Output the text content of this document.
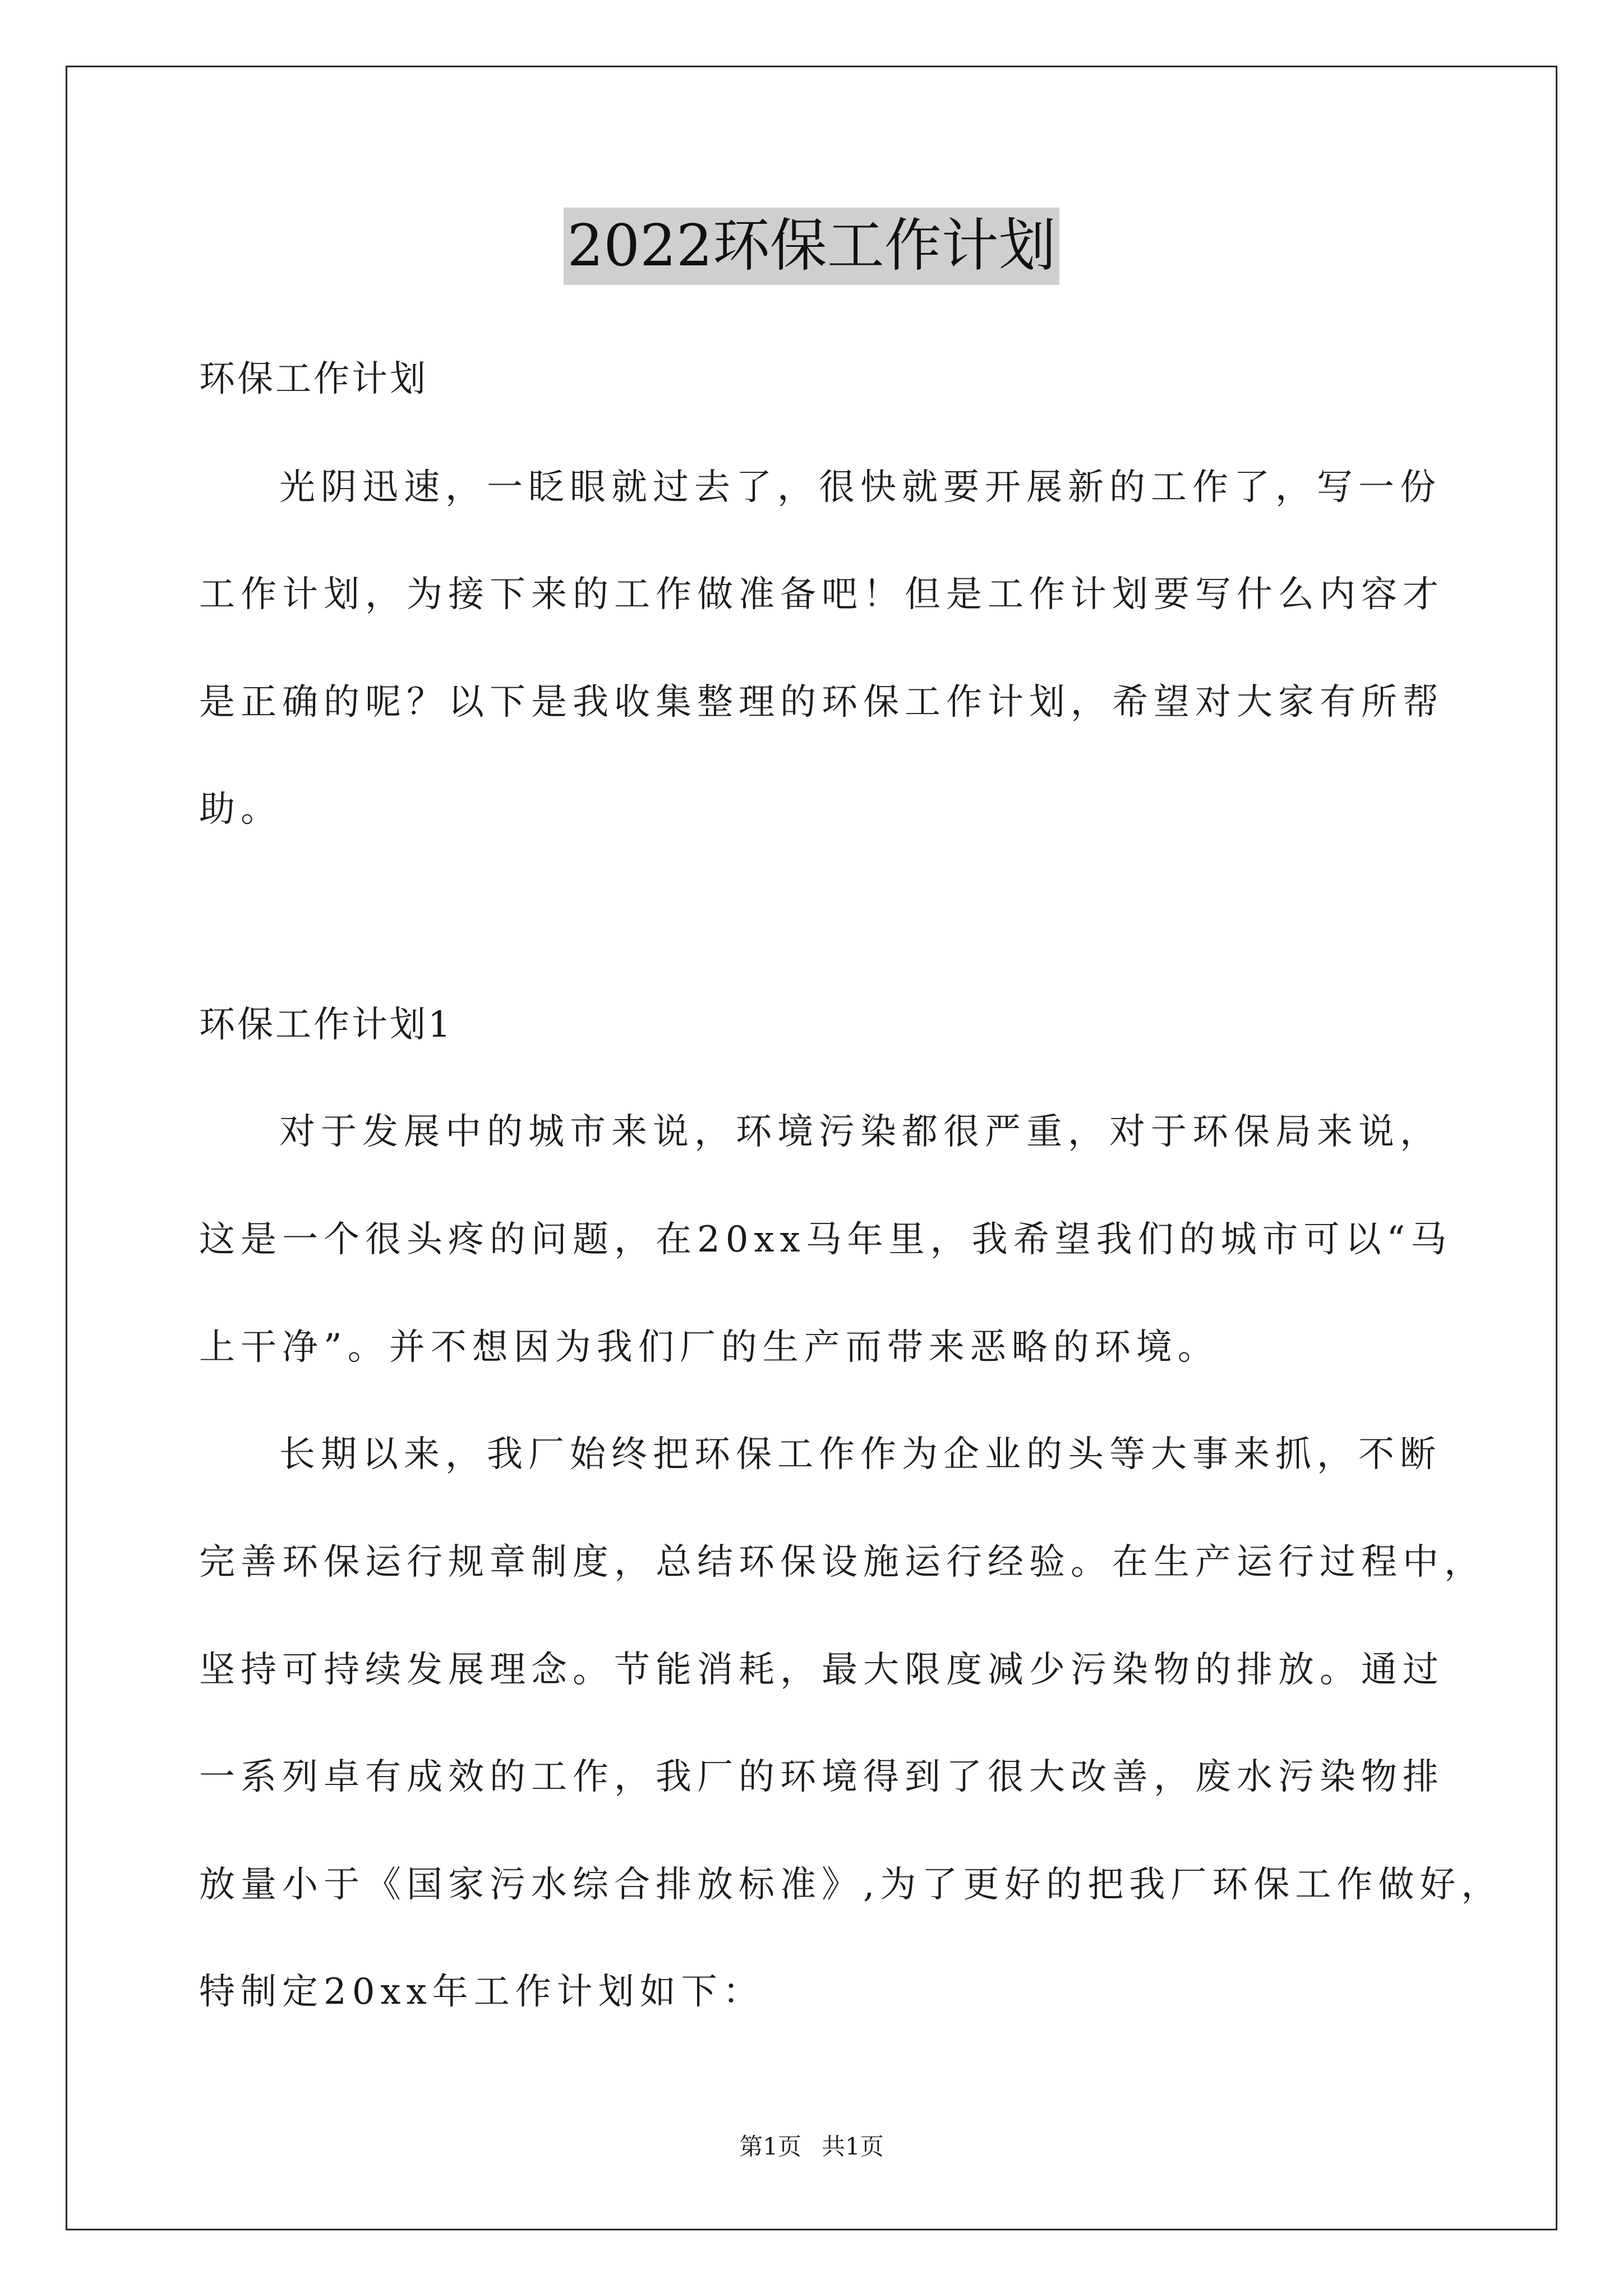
2022环保工作计划
环保工作计划
光阴迅速，一眨眼就过去了，很快就要开展新的工作了，写一份
工作计划，为接下来的工作做准备吧！但是工作计划要写什么内容才
是正确的呢？以下是我收集整理的环保工作计划，希望对大家有所帮
助。
环保工作计划1
对于发展中的城市来说，环境污染都很严重，对于环保局来说，
这是一个很头疼的问题，在20xx马年里，我希望我们的城市可以“马
上干净”。并不想因为我们厂的生产而带来恶略的环境。
长期以来，我厂始终把环保工作作为企业的头等大事来抓，不断
完善环保运行规章制度，总结环保设施运行经验。在生产运行过程中，
坚持可持续发展理念。节能消耗，最大限度减少污染物的排放。通过
一系列卓有成效的工作，我厂的环境得到了很大改善，废水污染物排
放量小于《国家污水综合排放标准》,为了更好的把我厂环保工作做好，
特制定20xx年工作计划如下：
第1页 共1页
